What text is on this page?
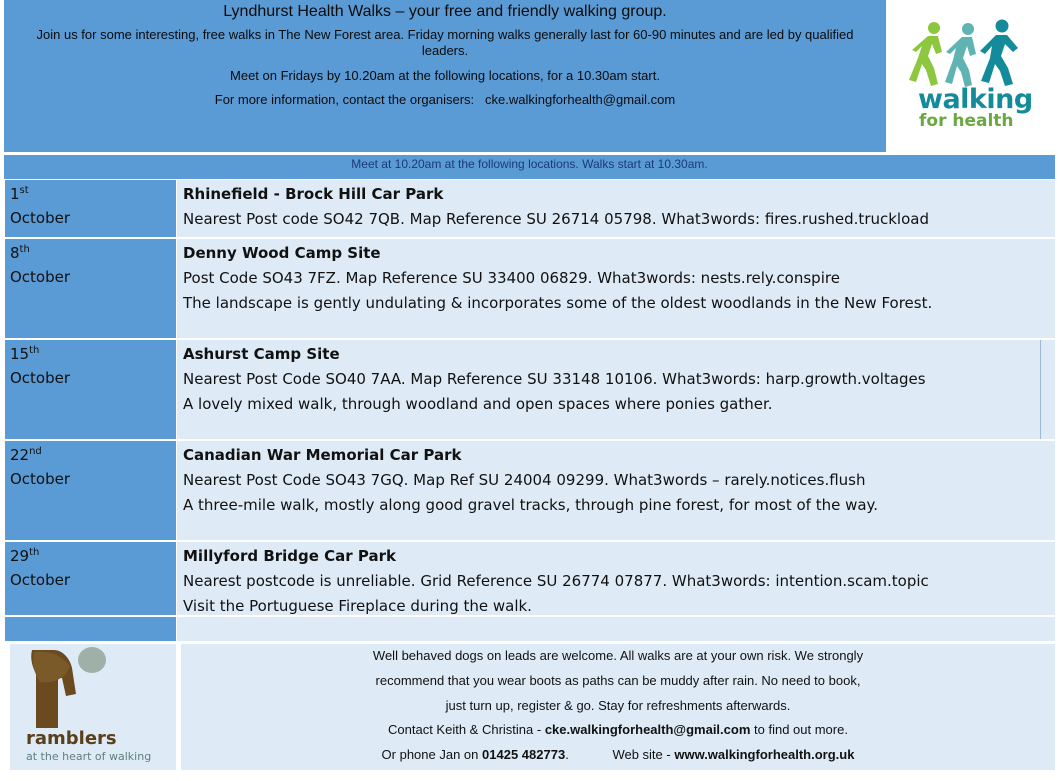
Lyndhurst Health Walks – your free and friendly walking group.
Join us for some interesting, free walks in The New Forest area. Friday morning walks generally last for 60-90 minutes and are led by qualified leaders.
Meet on Fridays by 10.20am at the following locations, for a 10.30am start.
For more information, contact the organisers: cke.walkingforhealth@gmail.com	walking
for health
Meet at 10.20am at the following locations. Walks start at 10.30am.
1st
October
Rhinefield - Brock Hill Car Park
Nearest Post code SO42 7QB. Map Reference SU 26714 05798. What3words: fires.rushed.truckload
8th
October
Denny Wood Camp Site
Post Code SO43 7FZ. Map Reference SU 33400 06829. What3words: nests.rely.conspire
The landscape is gently undulating & incorporates some of the oldest woodlands in the New Forest.
15th
October
Ashurst Camp Site
Nearest Post Code SO40 7AA. Map Reference SU 33148 10106. What3words: harp.growth.voltages
A lovely mixed walk, through woodland and open spaces where ponies gather.
22nd
October
Canadian War Memorial Car Park
Nearest Post Code SO43 7GQ. Map Ref SU 24004 09299. What3words – rarely.notices.flush
A three-mile walk, mostly along good gravel tracks, through pine forest, for most of the way.
29th
October
Millyford Bridge Car Park
Nearest postcode is unreliable. Grid Reference SU 26774 07877. What3words: intention.scam.topic
Visit the Portuguese Fireplace during the walk.
ramblers
at the heart of walking
Well behaved dogs on leads are welcome. All walks are at your own risk. We strongly
recommend that you wear boots as paths can be muddy after rain. No need to book,
just turn up, register & go. Stay for refreshments afterwards.
Contact Keith & Christina - cke.walkingforhealth@gmail.com to find out more.
Or phone Jan on 01425 482773.	Web site - www.walkingforhealth.org.uk
